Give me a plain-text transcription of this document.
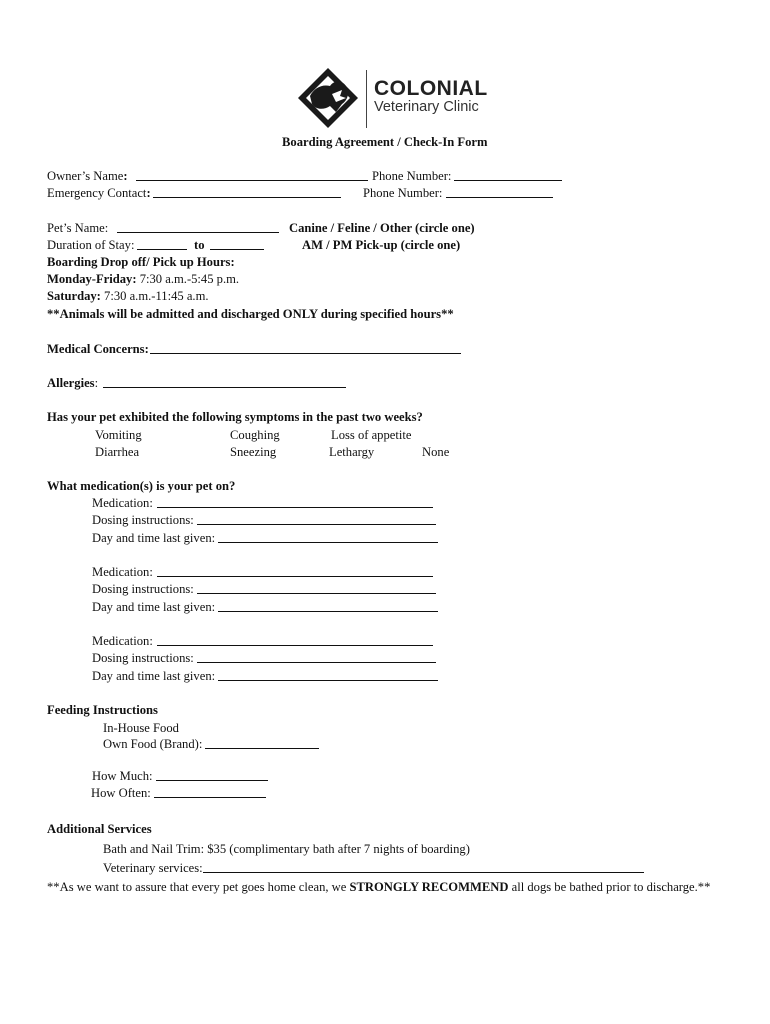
COLONIAL
Veterinary Clinic
Boarding Agreement / Check-In Form
Owner’s Name:	Phone Number:
Emergency Contact:	Phone Number:
Pet’s Name:	Canine / Feline / Other (circle one)
Duration of Stay:	to	AM / PM Pick-up (circle one)
Boarding Drop off/ Pick up Hours:
Monday-Friday: 7:30 a.m.-5:45 p.m.
Saturday: 7:30 a.m.-11:45 a.m.
**Animals will be admitted and discharged ONLY during specified hours**
Medical Concerns:
Allergies:
Has your pet exhibited the following symptoms in the past two weeks?
Vomiting	Coughing	Loss of appetite
Diarrhea	Sneezing	Lethargy	None
What medication(s) is your pet on?
Medication:
Dosing instructions:
Day and time last given:
Medication:
Dosing instructions:
Day and time last given:
Medication:
Dosing instructions:
Day and time last given:
Feeding Instructions
In-House Food
Own Food (Brand):
How Much:
How Often:
Additional Services
Bath and Nail Trim: $35 (complimentary bath after 7 nights of boarding)
Veterinary services:
**As we want to assure that every pet goes home clean, we STRONGLY RECOMMEND all dogs be bathed prior to discharge.**
